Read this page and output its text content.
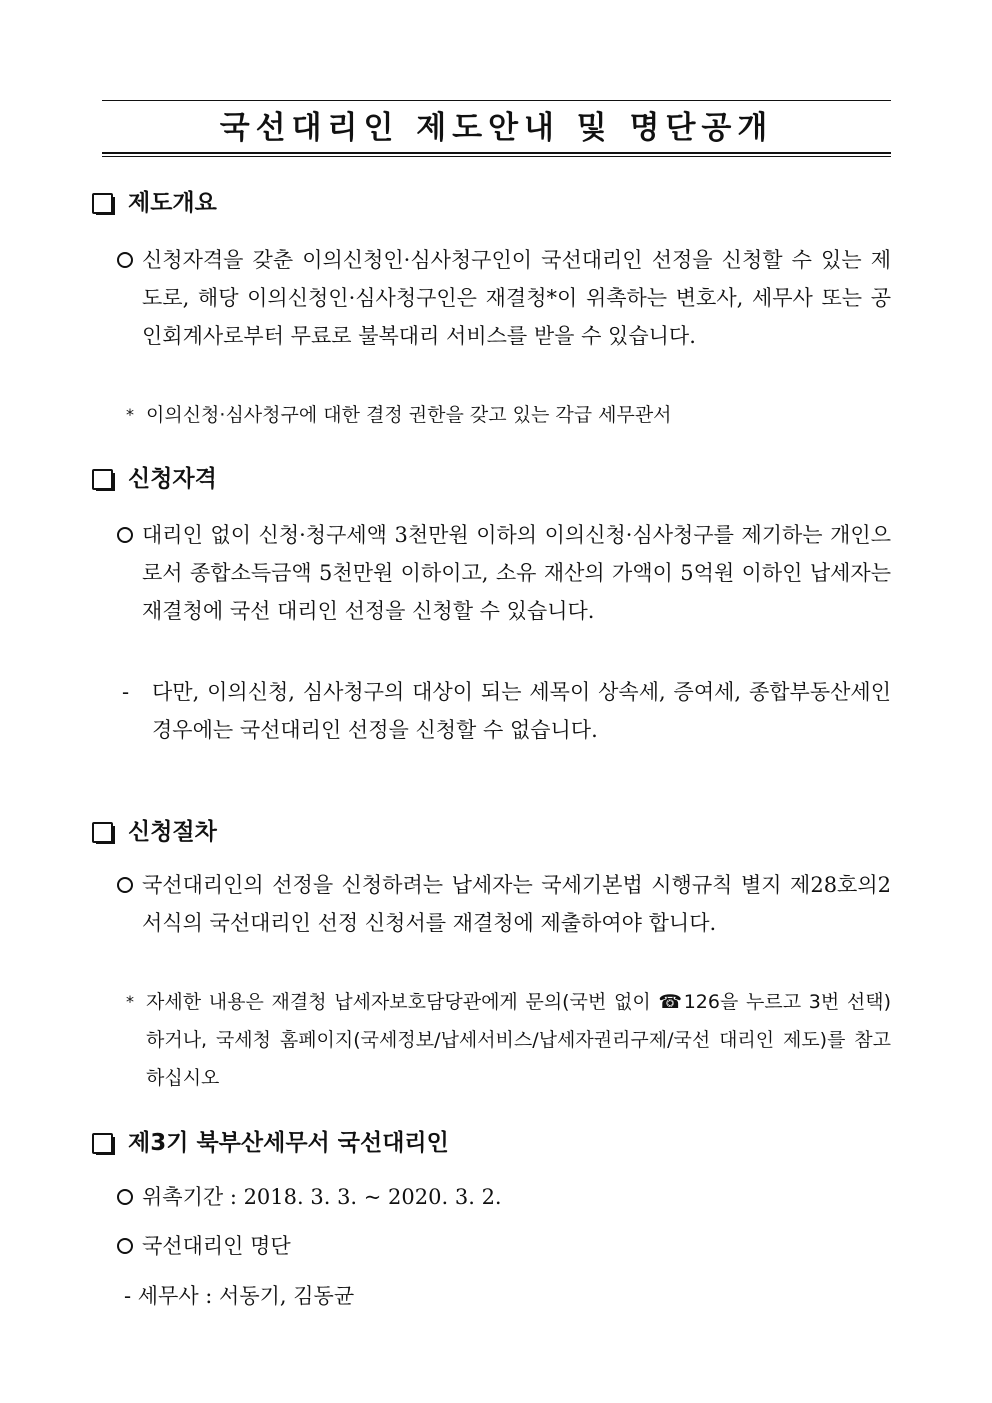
국선대리인 제도안내 및 명단공개
제도개요
신청자격을 갖춘 이의신청인·심사청구인이 국선대리인 선정을 신청할 수 있는 제도로, 해당 이의신청인·심사청구인은 재결청*이 위촉하는 변호사, 세무사 또는 공인회계사로부터 무료로 불복대리 서비스를 받을 수 있습니다.
* 이의신청·심사청구에 대한 결정 권한을 갖고 있는 각급 세무관서
신청자격
대리인 없이 신청·청구세액 3천만원 이하의 이의신청·심사청구를 제기하는 개인으로서 종합소득금액 5천만원 이하이고, 소유 재산의 가액이 5억원 이하인 납세자는 재결청에 국선 대리인 선정을 신청할 수 있습니다.
-	다만, 이의신청, 심사청구의 대상이 되는 세목이 상속세, 증여세, 종합부동산세인 경우에는 국선대리인 선정을 신청할 수 없습니다.
신청절차
국선대리인의 선정을 신청하려는 납세자는 국세기본법 시행규칙 별지 제28호의2서식의 국선대리인 선정 신청서를 재결청에 제출하여야 합니다.
* 자세한 내용은 재결청 납세자보호담당관에게 문의(국번 없이 ☎126을 누르고 3번 선택)하거나, 국세청 홈페이지(국세정보/납세서비스/납세자권리구제/국선 대리인 제도)를 참고하십시오
제3기 북부산세무서 국선대리인
위촉기간 : 2018. 3. 3. ~ 2020. 3. 2.
국선대리인 명단
- 세무사 : 서동기, 김동균
